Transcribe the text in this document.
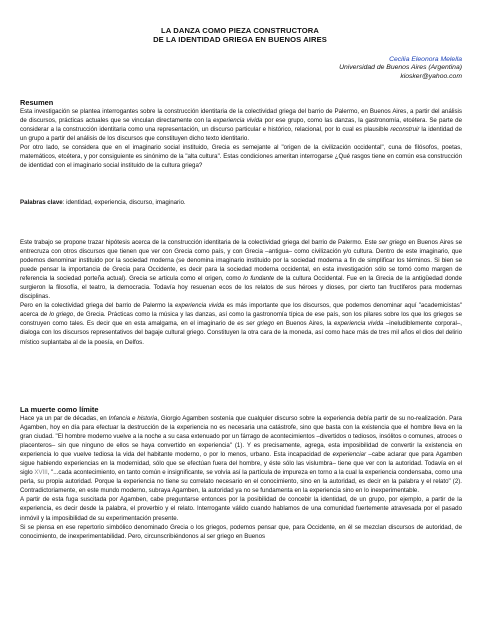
LA DANZA COMO PIEZA CONSTRUCTORA
DE LA IDENTIDAD GRIEGA EN BUENOS AIRES
Cecilia Eleonora Melella
Universidad de Buenos Aires (Argentina)
kiosker@yahoo.com
Resumen

Esta investigación se plantea interrogantes sobre la construcción identitaria de la colectividad griega del barrio de Palermo, en Buenos Aires, a partir del análisis de discursos, prácticas actuales que se vinculan directamente con la experiencia vivida por ese grupo, como las danzas, la gastronomía, etcétera. Se parte de considerar a la construcción identitaria como una representación, un discurso particular e histórico, relacional, por lo cual es plausible reconstruir la identidad de un grupo a partir del análisis de los discursos que constituyen dicho texto identitario.

Por otro lado, se considera que en el imaginario social instituido, Grecia es semejante al "origen de la civilización occidental", cuna de filósofos, poetas, matemáticos, etcétera, y por consiguiente es sinónimo de la "alta cultura". Estas condiciones ameritan interrogarse ¿Qué rasgos tiene en común esa construcción de identidad con el imaginario social instituido de la cultura griega?

Palabras clave: identidad, experiencia, discurso, imaginario.

Este trabajo se propone trazar hipótesis acerca de la construcción identitaria de la colectividad griega del barrio de Palermo. Este ser griego en Buenos Aires se entrecruza con otros discursos que tienen que ver con Grecia como país, y con Grecia –antigua– como civilización y/o cultura. Dentro de este imaginario, que podemos denominar instituido por la sociedad moderna (se denomina imaginario instituido por la sociedad moderna a fin de simplificar los términos. Si bien se puede pensar la importancia de Grecia para Occidente, es decir para la sociedad moderna occidental, en esta investigación sólo se tomó como margen de referencia la sociedad porteña actual). Grecia se articula como el origen, como lo fundante de la cultura Occidental. Fue en la Grecia de la antigüedad donde surgieron la filosofía, el teatro, la democracia. Todavía hoy resuenan ecos de los relatos de sus héroes y dioses, por cierto tan fructíferos para modernas disciplinas.

Pero en la colectividad griega del barrio de Palermo la experiencia vivida es más importante que los discursos, que podemos denominar aquí "academicistas" acerca de lo griego, de Grecia. Prácticas como la música y las danzas, así como la gastronomía típica de ese país, son los pilares sobre los que los griegos se construyen como tales. Es decir que en esta amalgama, en el imaginario de es ser griego en Buenos Aires, la experiencia vivida –ineludiblemente corporal–, dialoga con los discursos representativos del bagaje cultural griego. Constituyen la otra cara de la moneda, así como hace más de tres mil años el dios del delirio místico suplantaba al de la poesía, en Delfos.

La muerte como límite

Hace ya un par de décadas, en Infancia e historia, Giorgio Agamben sostenía que cualquier discurso sobre la experiencia debía partir de su no-realización. Para Agamben, hoy en día para efectuar la destrucción de la experiencia no es necesaria una catástrofe, sino que basta con la existencia que el hombre lleva en la gran ciudad. "El hombre moderno vuelve a la noche a su casa extenuado por un fárrago de acontecimientos –divertidos o tediosos, insólitos o comunes, atroces o placenteros– sin que ninguno de ellos se haya convertido en experiencia" (1). Y es precisamente, agrega, esta imposibilidad de convertir la existencia en experiencia lo que vuelve tediosa la vida del habitante moderno, o por lo menos, urbano. Esta incapacidad de experienciar –cabe aclarar que para Agamben sigue habiendo experiencias en la modernidad, sólo que se efectúan fuera del hombre, y éste sólo las vislumbra– tiene que ver con la autoridad. Todavía en el siglo XVIII, "...cada acontecimiento, en tanto común e insignificante, se volvía así la partícula de impureza en torno a la cual la experiencia condensaba, como una perla, su propia autoridad. Porque la experiencia no tiene su correlato necesario en el conocimiento, sino en la autoridad, es decir en la palabra y el relato" (2). Contradictoriamente, en este mundo moderno, subraya Agamben, la autoridad ya no se fundamenta en la experiencia sino en lo inexperimentable.

A partir de esta fuga suscitada por Agamben, cabe preguntarse entonces por la posibilidad de concebir la identidad, de un grupo, por ejemplo, a partir de la experiencia, es decir desde la palabra, el proverbio y el relato. Interrogante válido cuando hablamos de una comunidad fuertemente atravesada por el pasado inmóvil y la imposibilidad de su experimentación presente.

Si se piensa en ese repertorio simbólico denominado Grecia o los griegos, podemos pensar que, para Occidente, en él se mezclan discursos de autoridad, de conocimiento, de inexperimentabilidad. Pero, circunscribiéndonos al ser griego en Buenos
